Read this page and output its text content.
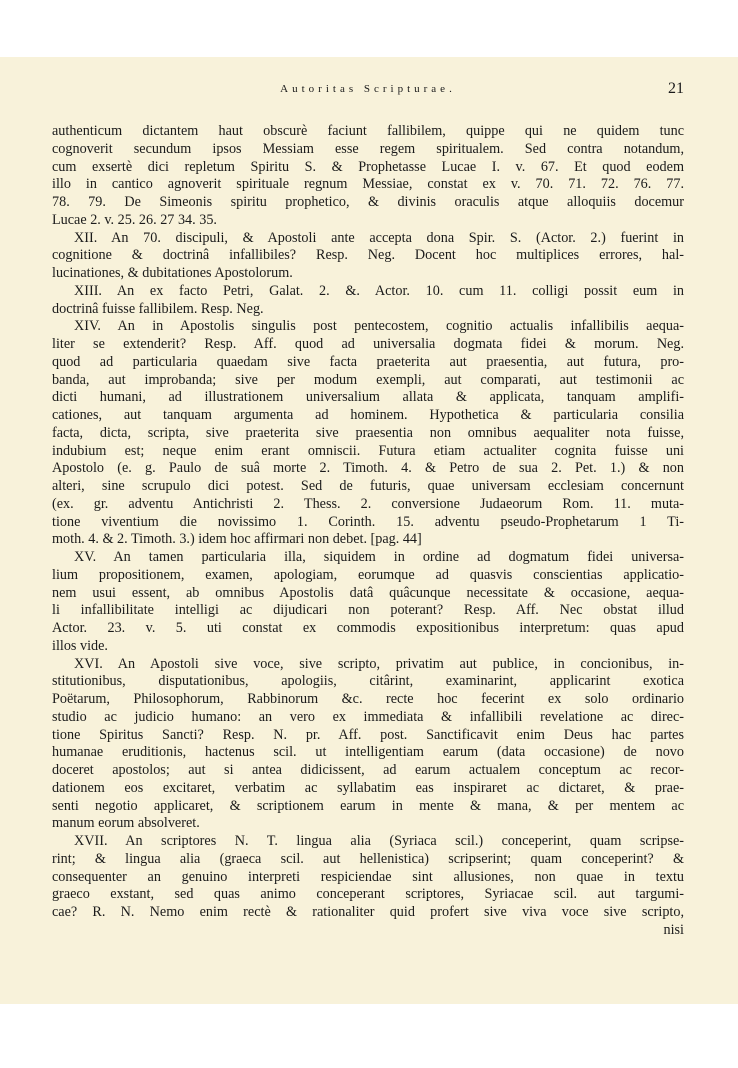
Autoritas Scripturae.	21
authenticum dictantem haut obscurè faciunt fallibilem, quippe qui ne quidem tunc
cognoverit secundum ipsos Messiam esse regem spiritualem. Sed contra notandum,
cum exsertè dici repletum Spiritu S. & Prophetasse Lucae I. v. 67. Et quod eodem
illo in cantico agnoverit spirituale regnum Messiae, constat ex v. 70. 71. 72. 76. 77.
78. 79. De Simeonis spiritu prophetico, & divinis oraculis atque alloquiis docemur
Lucae 2. v. 25. 26. 27 34. 35.
XII. An 70. discipuli, & Apostoli ante accepta dona Spir. S. (Actor. 2.) fuerint in
cognitione & doctrinâ infallibiles? Resp. Neg. Docent hoc multiplices errores, hal-
lucinationes, & dubitationes Apostolorum.
XIII. An ex facto Petri, Galat. 2. &. Actor. 10. cum 11. colligi possit eum in
doctrinâ fuisse fallibilem. Resp. Neg.
XIV. An in Apostolis singulis post pentecostem, cognitio actualis infallibilis aequa-
liter se extenderit? Resp. Aff. quod ad universalia dogmata fidei & morum. Neg.
quod ad particularia quaedam sive facta praeterita aut praesentia, aut futura, pro-
banda, aut improbanda; sive per modum exempli, aut comparati, aut testimonii ac
dicti humani, ad illustrationem universalium allata & applicata, tanquam amplifi-
cationes, aut tanquam argumenta ad hominem. Hypothetica & particularia consilia
facta, dicta, scripta, sive praeterita sive praesentia non omnibus aequaliter nota fuisse,
indubium est; neque enim erant omniscii. Futura etiam actualiter cognita fuisse uni
Apostolo (e. g. Paulo de suâ morte 2. Timoth. 4. & Petro de sua 2. Pet. 1.) & non
alteri, sine scrupulo dici potest. Sed de futuris, quae universam ecclesiam concernunt
(ex. gr. adventu Antichristi 2. Thess. 2. conversione Judaeorum Rom. 11. muta-
tione viventium die novissimo 1. Corinth. 15. adventu pseudo-Prophetarum 1 Ti-
moth. 4. & 2. Timoth. 3.) idem hoc affirmari non debet. [pag. 44]
XV. An tamen particularia illa, siquidem in ordine ad dogmatum fidei universa-
lium propositionem, examen, apologiam, eorumque ad quasvis conscientias applicatio-
nem usui essent, ab omnibus Apostolis datâ quâcunque necessitate & occasione, aequa-
li infallibilitate intelligi ac dijudicari non poterant? Resp. Aff. Nec obstat illud
Actor. 23. v. 5. uti constat ex commodis expositionibus interpretum: quas apud
illos vide.
XVI. An Apostoli sive voce, sive scripto, privatim aut publice, in concionibus, in-
stitutionibus, disputationibus, apologiis, citârint, examinarint, applicarint exotica
Poëtarum, Philosophorum, Rabbinorum &c. recte hoc fecerint ex solo ordinario
studio ac judicio humano: an vero ex immediata & infallibili revelatione ac direc-
tione Spiritus Sancti? Resp. N. pr. Aff. post. Sanctificavit enim Deus hac partes
humanae eruditionis, hactenus scil. ut intelligentiam earum (data occasione) de novo
doceret apostolos; aut si antea didicissent, ad earum actualem conceptum ac recor-
dationem eos excitaret, verbatim ac syllabatim eas inspiraret ac dictaret, & prae-
senti negotio applicaret, & scriptionem earum in mente & mana, & per mentem ac
manum eorum absolveret.
XVII. An scriptores N. T. lingua alia (Syriaca scil.) conceperint, quam scripse-
rint; & lingua alia (graeca scil. aut hellenistica) scripserint; quam conceperint? &
consequenter an genuino interpreti respiciendae sint allusiones, non quae in textu
graeco exstant, sed quas animo conceperant scriptores, Syriacae scil. aut targumi-
cae? R. N. Nemo enim rectè & rationaliter quid profert sive viva voce sive scripto,
nisi
